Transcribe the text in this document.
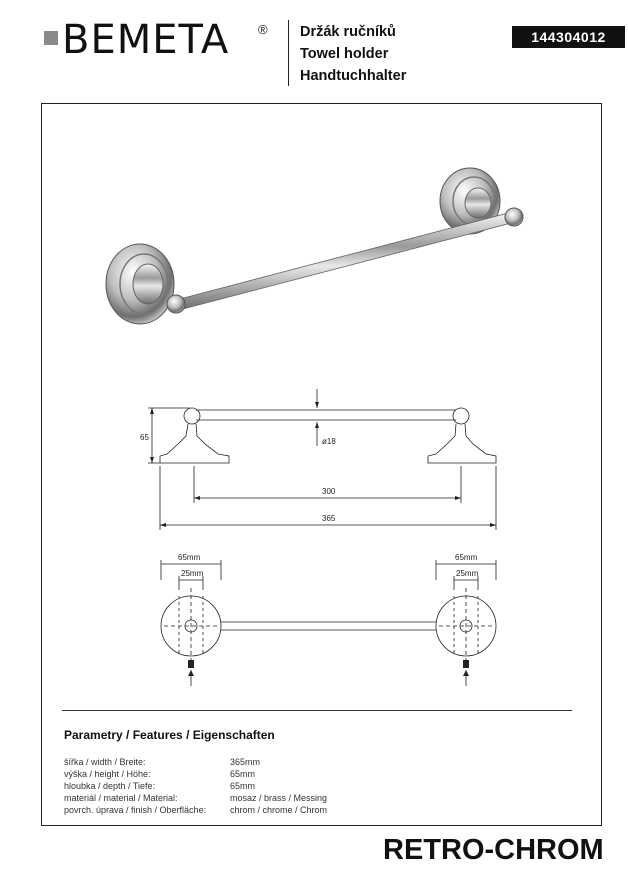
BEMETA ® Držák ručníků
Towel holder
Handtuchhalter
144304012
65	ø18
300
365
65mm
25mm
65mm
25mm
Parametry / Features / Eigenschaften
šířka / width / Breite:	365mm
výška / height / Höhe:	65mm
hloubka / depth / Tiefe:	65mm
materiál / material / Material:	mosaz / brass / Messing
povrch. úprava / finish / Oberfläche:	chrom / chrome / Chrom
RETRO-CHROM
